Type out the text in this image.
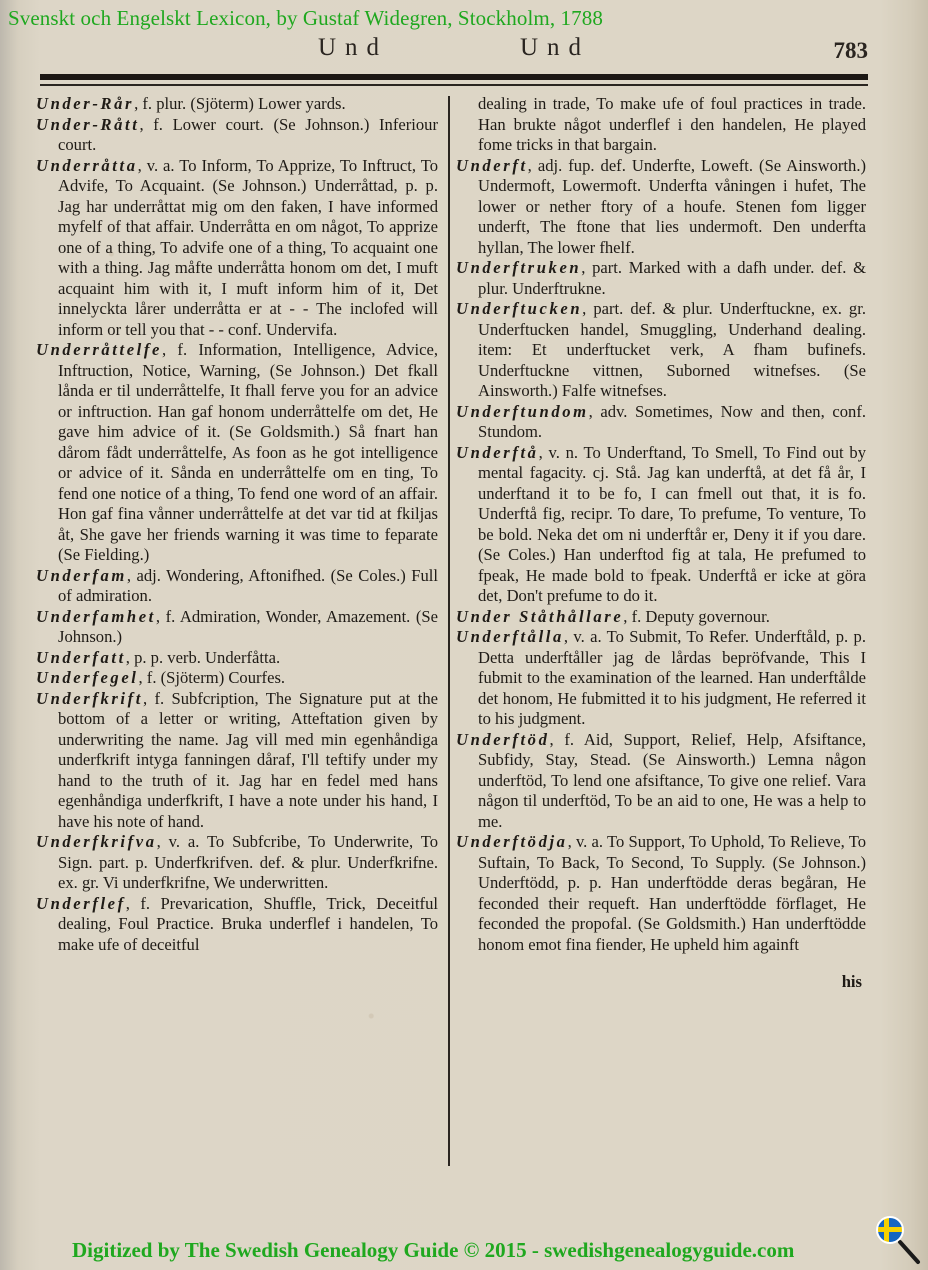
Svenskt och Engelskt Lexicon, by Gustaf Widegren, Stockholm, 1788
Und	Und	783

Under-Rår, f. plur. (Sjöterm) Lower yards.

Under-Rått, f. Lower court. (Se Johnson.) Inferiour court.

Underråtta, v. a. To Inform, To Apprize, To Inftruct, To Advife, To Acquaint. (Se Johnson.) Underråttad, p. p. Jag har underråttat mig om den faken, I have informed myfelf of that affair. Underråtta en om något, To apprize one of a thing, To advife one of a thing, To acquaint one with a thing. Jag måfte underråtta honom om det, I muft acquaint him with it, I muft inform him of it, Det innelyckta lårer underråtta er at - - The inclofed will inform or tell you that - - conf. Undervifa.

Underråttelfe, f. Information, Intelligence, Advice, Inftruction, Notice, Warning, (Se Johnson.) Det fkall lånda er til underråttelfe, It fhall ferve you for an advice or inftruction. Han gaf honom underråttelfe om det, He gave him advice of it. (Se Goldsmith.) Så fnart han dårom fådt underråttelfe, As foon as he got intelligence or advice of it. Sånda en underråttelfe om en ting, To fend one notice of a thing, To fend one word of an affair. Hon gaf fina vånner underråttelfe at det var tid at fkiljas åt, She gave her friends warning it was time to feparate (Se Fielding.)

Underfam, adj. Wondering, Aftonifhed. (Se Coles.) Full of admiration.

Underfamhet, f. Admiration, Wonder, Amazement. (Se Johnson.)

Underfatt, p. p. verb. Underfåtta.

Underfegel, f. (Sjöterm) Courfes.

Underfkrift, f. Subfcription, The Signature put at the bottom of a letter or writing, Atteftation given by underwriting the name. Jag vill med min egenhåndiga underfkrift intyga fanningen dåraf, I'll teftify under my hand to the truth of it. Jag har en fedel med hans egenhåndiga underfkrift, I have a note under his hand, I have his note of hand.

Underfkrifva, v. a. To Subfcribe, To Underwrite, To Sign. part. p. Underfkrifven. def. & plur. Underfkrifne. ex. gr. Vi underfkrifne, We underwritten.

Underflef, f. Prevarication, Shuffle, Trick, Deceitful dealing, Foul Practice. Bruka underflef i handelen, To make ufe of deceitful

dealing in trade, To make ufe of foul practices in trade. Han brukte något underflef i den handelen, He played fome tricks in that bargain.

Underft, adj. fup. def. Underfte, Loweft. (Se Ainsworth.) Undermoft, Lowermoft. Underfta våningen i hufet, The lower or nether ftory of a houfe. Stenen fom ligger underft, The ftone that lies undermoft. Den underfta hyllan, The lower fhelf.

Underftruken, part. Marked with a dafh under. def. & plur. Underftrukne.

Underftucken, part. def. & plur. Underftuckne, ex. gr. Underftucken handel, Smuggling, Underhand dealing. item: Et underftucket verk, A fham bufinefs. Underftuckne vittnen, Suborned witnefses. (Se Ainsworth.) Falfe witnefses.

Underftundom, adv. Sometimes, Now and then, conf. Stundom.

Underftå, v. n. To Underftand, To Smell, To Find out by mental fagacity. cj. Stå. Jag kan underftå, at det få år, I underftand it to be fo, I can fmell out that, it is fo. Underftå fig, recipr. To dare, To prefume, To venture, To be bold. Neka det om ni underftår er, Deny it if you dare. (Se Coles.) Han underftod fig at tala, He prefumed to fpeak, He made bold to fpeak. Underftå er icke at göra det, Don't prefume to do it.

Under Ståthållare, f. Deputy governour.

Underftålla, v. a. To Submit, To Refer. Underftåld, p. p. Detta underftåller jag de lårdas bepröfvande, This I fubmit to the examination of the learned. Han underftålde det honom, He fubmitted it to his judgment, He referred it to his judgment.

Underftöd, f. Aid, Support, Relief, Help, Afsiftance, Subfidy, Stay, Stead. (Se Ainsworth.) Lemna någon underftöd, To lend one afsiftance, To give one relief. Vara någon til underftöd, To be an aid to one, He was a help to me.

Underftödja, v. a. To Support, To Uphold, To Relieve, To Suftain, To Back, To Second, To Supply. (Se Johnson.) Underftödd, p. p. Han underftödde deras begåran, He feconded their requeft. Han underftödde förflaget, He feconded the propofal. (Se Goldsmith.) Han underftödde honom emot fina fiender, He upheld him againft

his

Digitized by The Swedish Genealogy Guide © 2015 - swedishgenealogyguide.com
